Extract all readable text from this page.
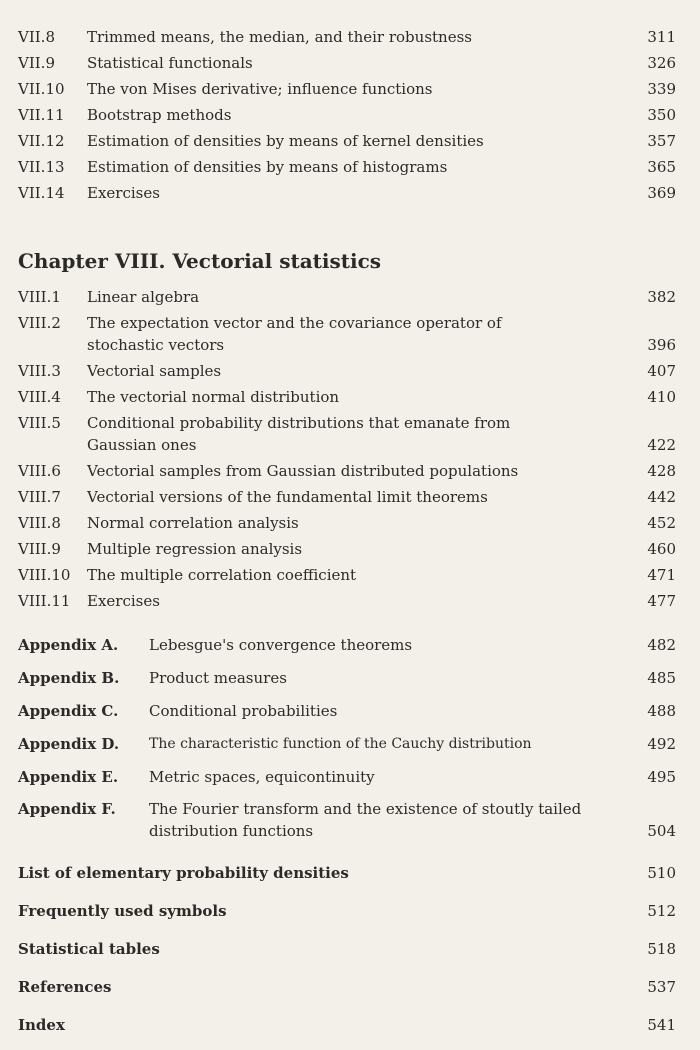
VII.8 Trimmed means, the median, and their robustness	311
VII.9 Statistical functionals	326
VII.10 The von Mises derivative; influence functions	339
VII.11 Bootstrap methods	350
VII.12 Estimation of densities by means of kernel densities	357
VII.13 Estimation of densities by means of histograms	365
VII.14 Exercises	369
Chapter VIII. Vectorial statistics
VIII.1 Linear algebra	382
VIII.2 The expectation vector and the covariance operator of stochastic vectors	396
VIII.3 Vectorial samples	407
VIII.4 The vectorial normal distribution	410
VIII.5 Conditional probability distributions that emanate from Gaussian ones	422
VIII.6 Vectorial samples from Gaussian distributed populations	428
VIII.7 Vectorial versions of the fundamental limit theorems	442
VIII.8 Normal correlation analysis	452
VIII.9 Multiple regression analysis	460
VIII.10 The multiple correlation coefficient	471
VIII.11 Exercises	477
Appendix A. Lebesgue's convergence theorems	482
Appendix B. Product measures	485
Appendix C. Conditional probabilities	488
Appendix D. The characteristic function of the Cauchy distribution	492
Appendix E. Metric spaces, equicontinuity	495
Appendix F. The Fourier transform and the existence of stoutly tailed distribution functions	504
List of elementary probability densities	510
Frequently used symbols	512
Statistical tables	518
References	537
Index	541
